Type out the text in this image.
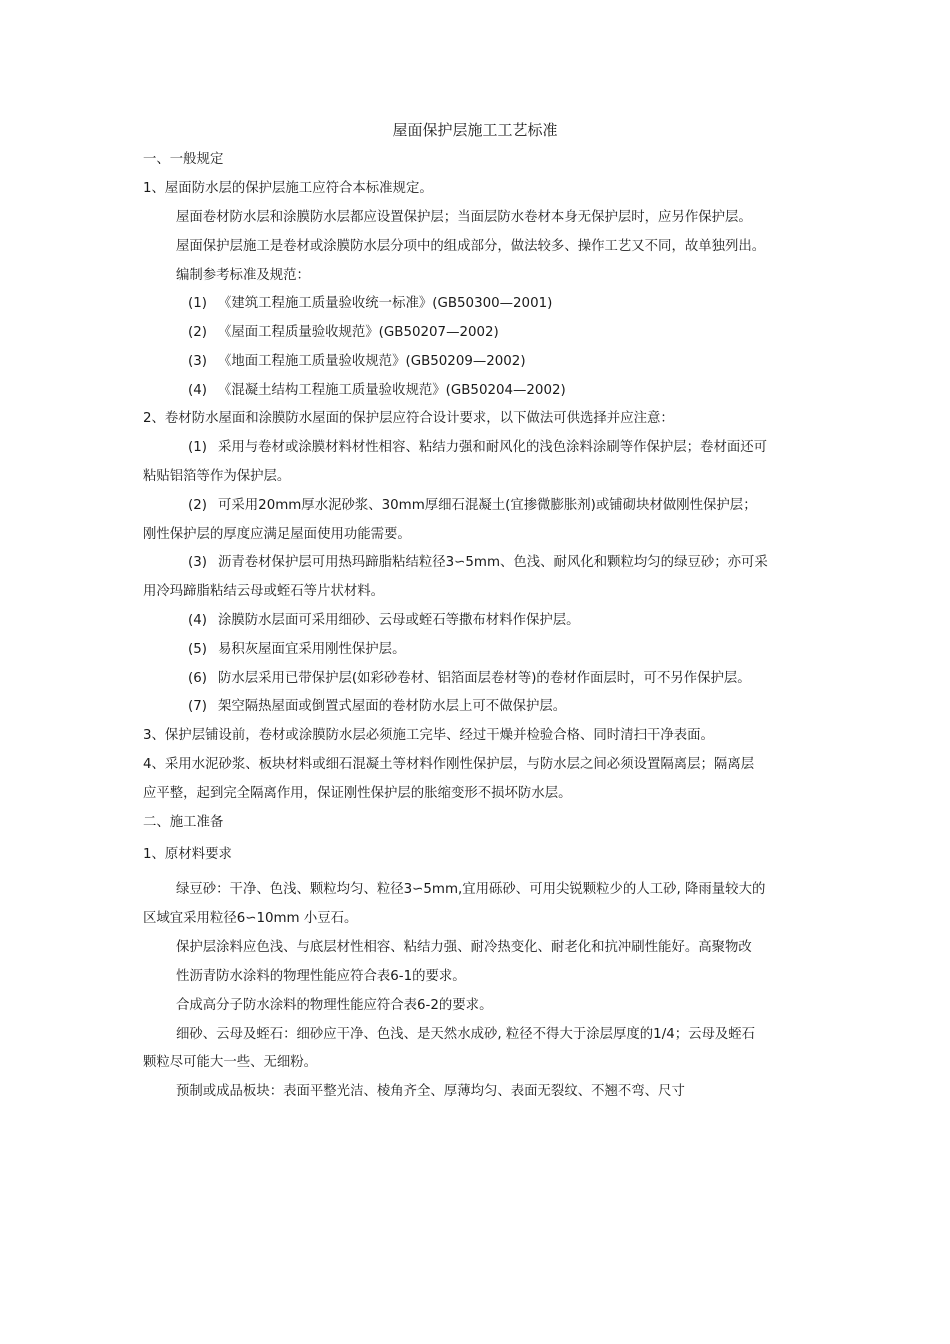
屋面保护层施工工艺标准
一、一般规定
1、屋面防水层的保护层施工应符合本标准规定。
屋面卷材防水层和涂膜防水层都应设置保护层；当面层防水卷材本身无保护层时，应另作保护层。
屋面保护层施工是卷材或涂膜防水层分项中的组成部分，做法较多、操作工艺又不同，故单独列出。
编制参考标准及规范：
(1) 《建筑工程施工质量验收统一标准》(GB50300—2001)
(2) 《屋面工程质量验收规范》(GB50207—2002)
(3) 《地面工程施工质量验收规范》(GB50209—2002)
(4) 《混凝土结构工程施工质量验收规范》(GB50204—2002)
2、卷材防水屋面和涂膜防水屋面的保护层应符合设计要求，以下做法可供选择并应注意：
(1) 采用与卷材或涂膜材料材性相容、粘结力强和耐风化的浅色涂料涂刷等作保护层；卷材面还可
粘贴铝箔等作为保护层。
(2) 可采用20mm厚水泥砂浆、30mm厚细石混凝土(宜掺微膨胀剂)或铺砌块材做刚性保护层；
刚性保护层的厚度应满足屋面使用功能需要。
(3) 沥青卷材保护层可用热玛蹄脂粘结粒径3∽5mm、色浅、耐风化和颗粒均匀的绿豆砂；亦可采
用冷玛蹄脂粘结云母或蛭石等片状材料。
(4) 涂膜防水层面可采用细砂、云母或蛭石等撒布材料作保护层。
(5) 易积灰屋面宜采用刚性保护层。
(6) 防水层采用已带保护层(如彩砂卷材、铝箔面层卷材等)的卷材作面层时，可不另作保护层。
(7) 架空隔热屋面或倒置式屋面的卷材防水层上可不做保护层。
3、保护层铺设前，卷材或涂膜防水层必须施工完毕、经过干燥并检验合格、同时清扫干净表面。
4、采用水泥砂浆、板块材料或细石混凝土等材料作刚性保护层，与防水层之间必须设置隔离层；隔离层
应平整，起到完全隔离作用，保证刚性保护层的胀缩变形不损坏防水层。
二、施工准备
1、原材料要求
绿豆砂：干净、色浅、颗粒均匀、粒径3∽5mm,宜用砾砂、可用尖锐颗粒少的人工砂, 降雨量较大的
区域宜采用粒径6∽10mm 小豆石。
保护层涂料应色浅、与底层材性相容、粘结力强、耐冷热变化、耐老化和抗冲刷性能好。高聚物改
性沥青防水涂料的物理性能应符合表6-1的要求。
合成高分子防水涂料的物理性能应符合表6-2的要求。
细砂、云母及蛭石：细砂应干净、色浅、是天然水成砂, 粒径不得大于涂层厚度的1/4；云母及蛭石
颗粒尽可能大一些、无细粉。
预制或成品板块：表面平整光洁、棱角齐全、厚薄均匀、表面无裂纹、不翘不弯、尺寸
